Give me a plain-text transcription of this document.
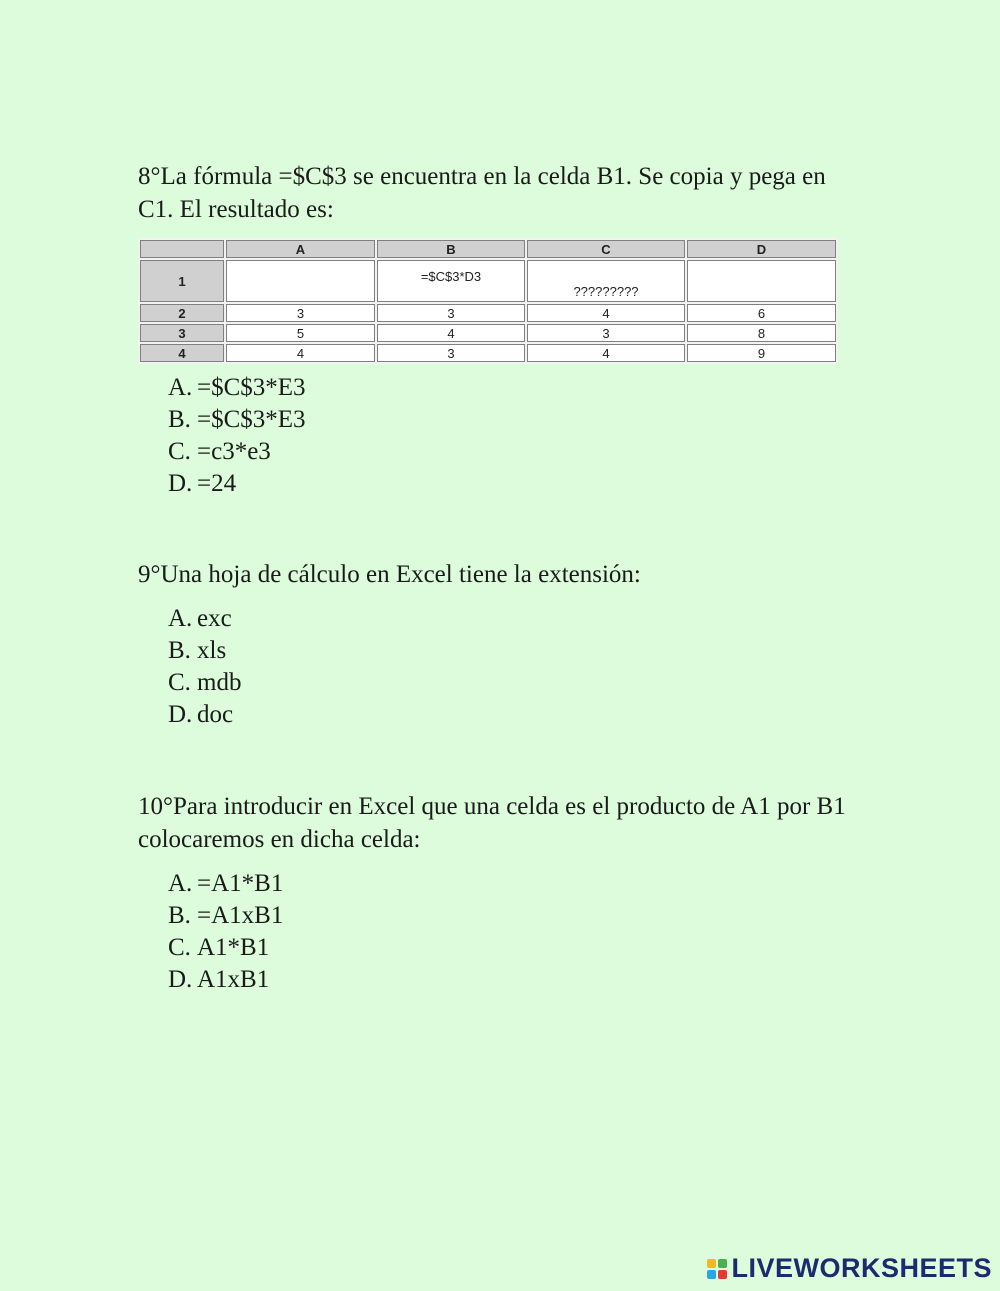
8°La fórmula =$C$3 se encuentra en la celda B1. Se copia y pega en C1. El resultado es:

	A	B	C	D
1		=$C$3*D3	?????????	
2	3	3	4	6
3	5	4	3	8
4	4	3	4	9
A. =$C$3*E3
B. =$C$3*E3
C. =c3*e3
D. =24

9°Una hoja de cálculo en Excel tiene la extensión:

A. exc
B. xls
C. mdb
D. doc

10°Para introducir en Excel que una celda es el producto de A1 por B1 colocaremos en dicha celda:

A. =A1*B1
B. =A1xB1
C. A1*B1
D. A1xB1
LIVEWORKSHEETS
